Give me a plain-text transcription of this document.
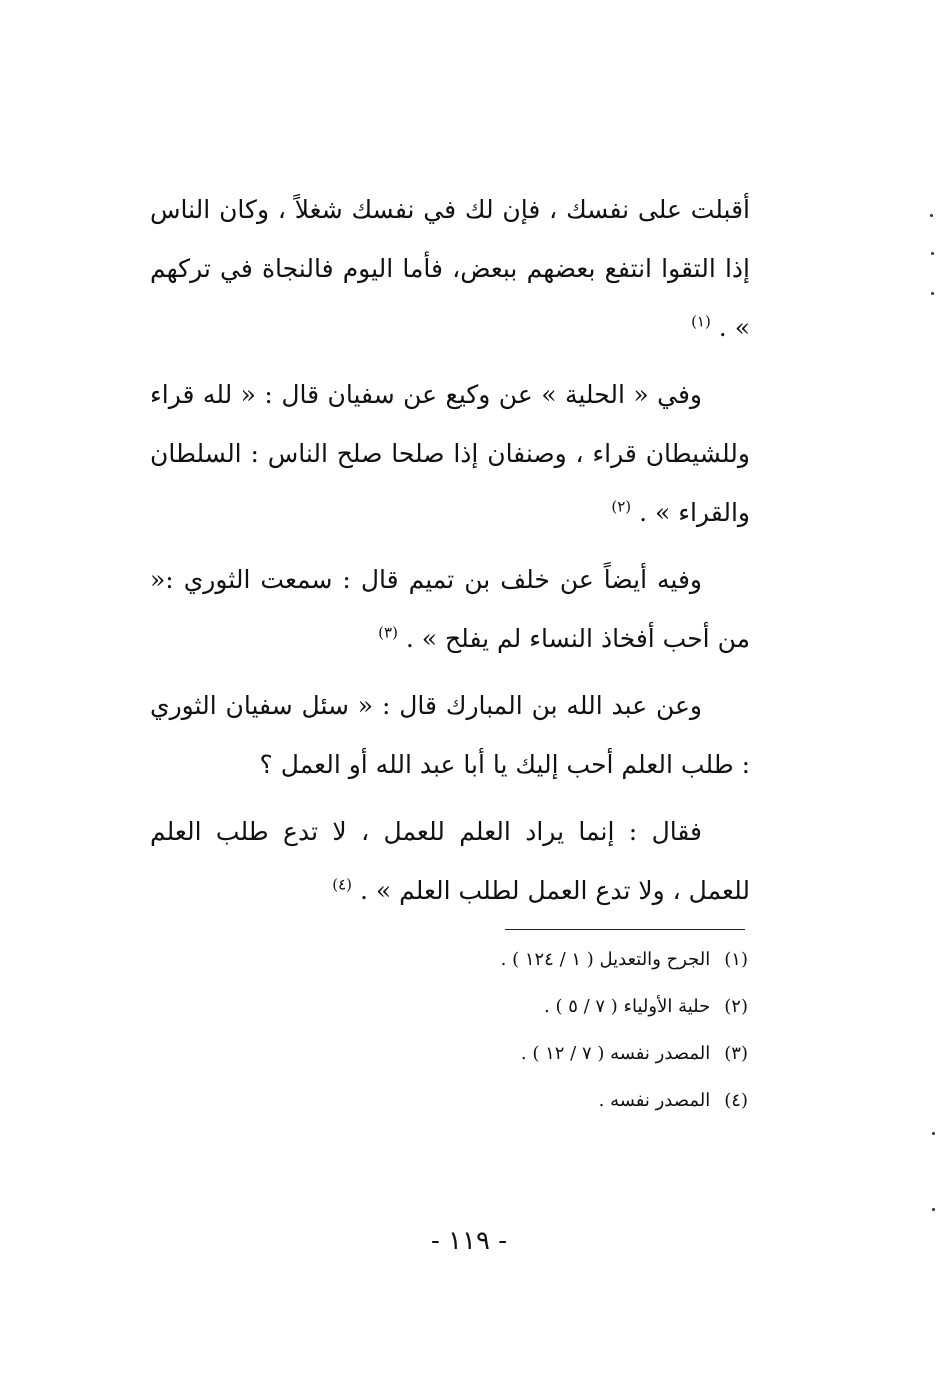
أقبلت على نفسك ، فإن لك في نفسك شغلاً ، وكان الناس إذا التقوا انتفع بعضهم ببعض، فأما اليوم فالنجاة في تركهم » . $^{(١)}$

وفي « الحلية » عن وكيع عن سفيان قال : « لله قراء وللشيطان قراء ، وصنفان إذا صلحا صلح الناس : السلطان والقراء » . $^{(٢)}$

وفيه أيضاً عن خلف بن تميم قال : سمعت الثوري :« من أحب أفخاذ النساء لم يفلح » . $^{(٣)}$

وعن عبد الله بن المبارك قال : « سئل سفيان الثوري : طلب العلم أحب إليك يا أبا عبد الله أو العمل ؟

فقال : إنما يراد العلم للعمل ، لا تدع طلب العلم للعمل ، ولا تدع العمل لطلب العلم » . $^{(٤)}$

(١)الجرح والتعديل ( ١ / ١٢٤ ) .
(٢)حلية الأولياء ( ٧ / ٥ ) .
(٣)المصدر نفسه ( ٧ / ١٢ ) .
(٤)المصدر نفسه .
- ١١٩ -
